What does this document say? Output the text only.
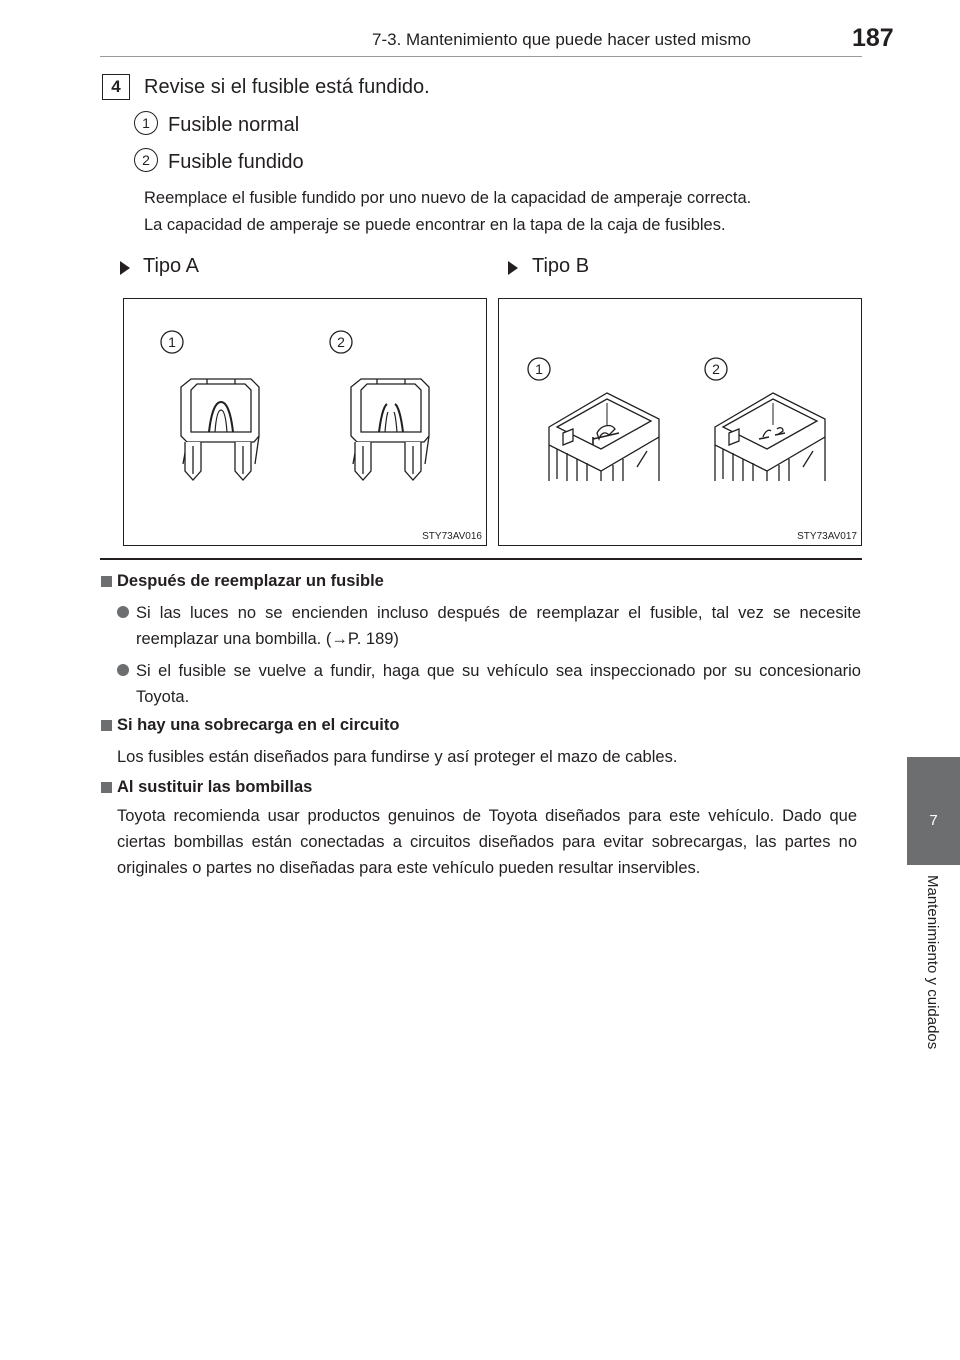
7-3. Mantenimiento que puede hacer usted mismo	187
7
Mantenimiento y cuidados
4	Revise si el fusible está fundido.
1 Fusible normal
2 Fusible fundido
Reemplace el fusible fundido por uno nuevo de la capacidad de amperaje correcta.
La capacidad de amperaje se puede encontrar en la tapa de la caja de fusibles.
Tipo A	Tipo B
1	2
STY73AV016
1	2
STY73AV017
Después de reemplazar un fusible
Si las luces no se encienden incluso después de reemplazar el fusible, tal vez se necesite reemplazar una bombilla. (→P. 189)
Si el fusible se vuelve a fundir, haga que su vehículo sea inspeccionado por su concesionario Toyota.
Si hay una sobrecarga en el circuito
Los fusibles están diseñados para fundirse y así proteger el mazo de cables.
Al sustituir las bombillas
Toyota recomienda usar productos genuinos de Toyota diseñados para este vehículo. Dado que ciertas bombillas están conectadas a circuitos diseñados para evitar sobrecargas, las partes no originales o partes no diseñadas para este vehículo pueden resultar inservibles.
